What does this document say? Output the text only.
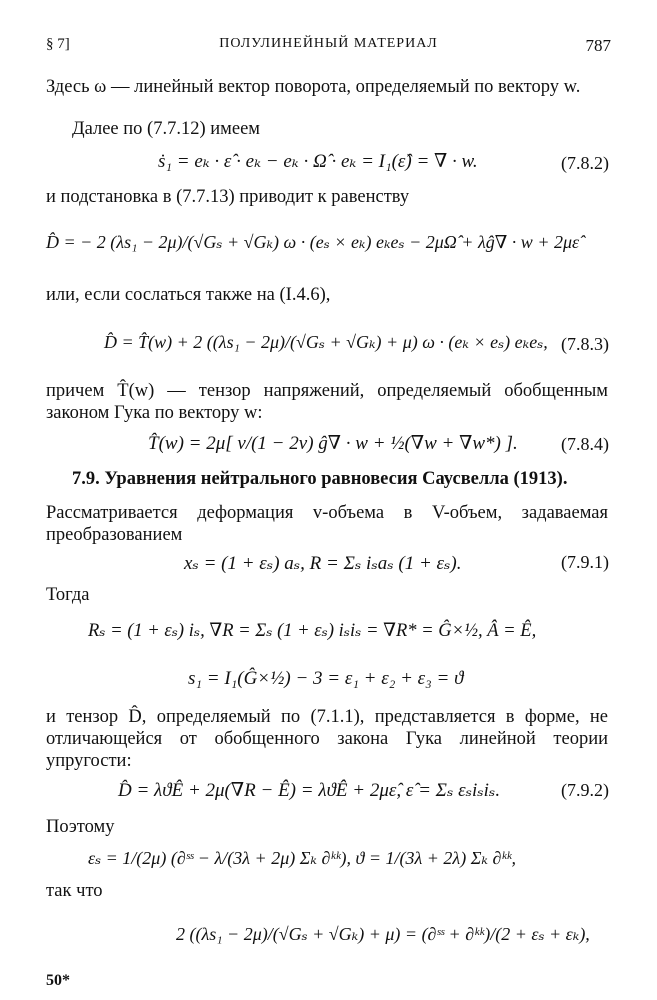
§ 7]	ПОЛУЛИНЕЙНЫЙ МАТЕРИАЛ	787
Здесь ω — линейный вектор поворота, определяемый по вектору w.
Далее по (7.7.12) имеем
ṡ₁ = eₖ · ε̂ · eₖ − eₖ · Ω̂ · eₖ = I₁(ε̂) = ∇ · w.	(7.8.2)
и подстановка в (7.7.13) приводит к равенству
D̂ = − 2 (λs₁ − 2μ)/(√Gₛ + √Gₖ) ω · (eₛ × eₖ) eₖeₛ − 2μΩ̂ + λĝ∇ · w + 2με̂
или, если сослаться также на (I.4.6),
D̂ = T̂(w) + 2 ((λs₁ − 2μ)/(√Gₛ + √Gₖ) + μ) ω · (eₖ × eₛ) eₖeₛ, (7.8.3)
причем T̂(w) — тензор напряжений, определяемый обобщенным законом Гука по вектору w:
T̂(w) = 2μ[ ν/(1 − 2ν) ĝ∇ · w + ½(∇w + ∇w*) ]. (7.8.4)
7.9. Уравнения нейтрального равновесия Саусвелла (1913).
Рассматривается деформация v-объема в V-объем, задаваемая преобразованием
xₛ = (1 + εₛ) aₛ, R = Σₛ iₛaₛ (1 + εₛ).	(7.9.1)
Тогда
Rₛ = (1 + εₛ) iₛ, ∇R = Σₛ (1 + εₛ) iₛiₛ = ∇R* = Ĝ×½, Â = Ê,
s₁ = I₁(Ĝ×½) − 3 = ε₁ + ε₂ + ε₃ = ϑ
и тензор D̂, определяемый по (7.1.1), представляется в форме, не отличающейся от обобщенного закона Гука линейной теории упругости:
D̂ = λϑÊ + 2μ(∇R − Ê) = λϑÊ + 2με̂, ε̂ = Σₛ εₛiₛiₛ.	(7.9.2)
Поэтому
εₛ = 1/(2μ) (∂ˢˢ − λ/(3λ + 2μ) Σₖ ∂ᵏᵏ), ϑ = 1/(3λ + 2λ) Σₖ ∂ᵏᵏ,
так что
2 ((λs₁ − 2μ)/(√Gₛ + √Gₖ) + μ) = (∂ˢˢ + ∂ᵏᵏ)/(2 + εₛ + εₖ),
50*
